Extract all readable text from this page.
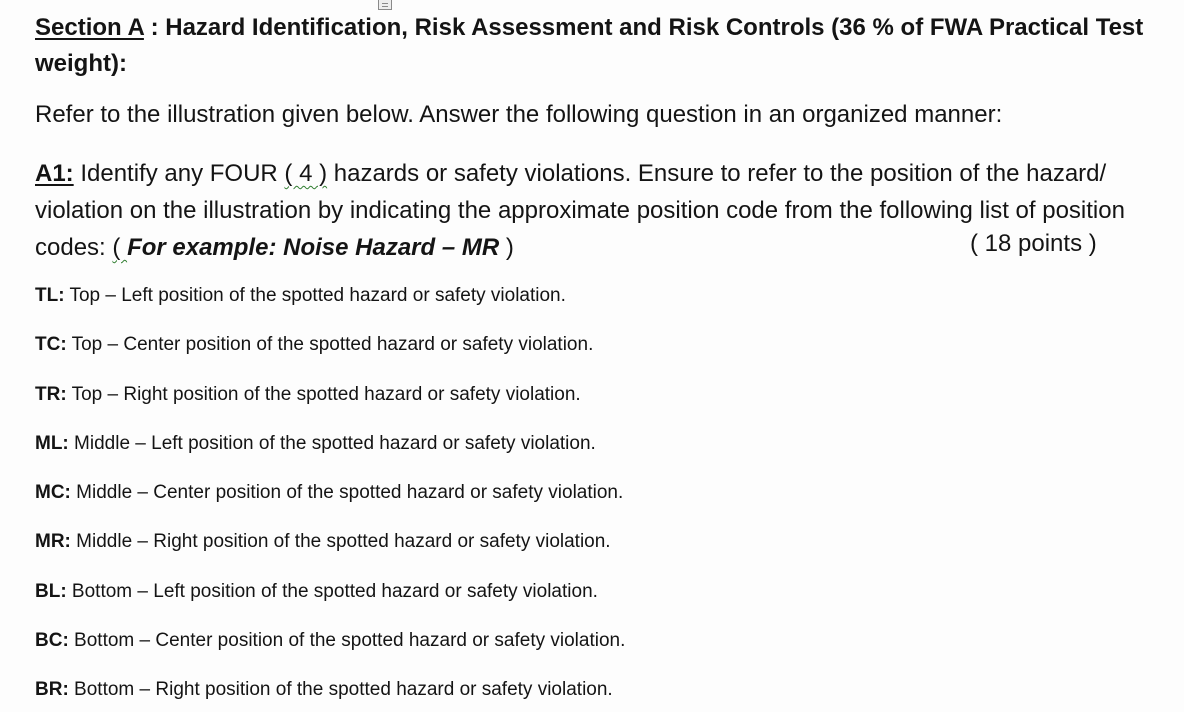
Section A : Hazard Identification, Risk Assessment and Risk Controls (36 % of FWA Practical Test weight):
Refer to the illustration given below. Answer the following question in an organized manner:
A1: Identify any FOUR ( 4 ) hazards or safety violations. Ensure to refer to the position of the hazard/ violation on the illustration by indicating the approximate position code from the following list of position codes: ( For example: Noise Hazard – MR )	( 18 points )
TL: Top – Left position of the spotted hazard or safety violation.
TC: Top – Center position of the spotted hazard or safety violation.
TR: Top – Right position of the spotted hazard or safety violation.
ML: Middle – Left position of the spotted hazard or safety violation.
MC: Middle – Center position of the spotted hazard or safety violation.
MR: Middle – Right position of the spotted hazard or safety violation.
BL: Bottom – Left position of the spotted hazard or safety violation.
BC: Bottom – Center position of the spotted hazard or safety violation.
BR: Bottom – Right position of the spotted hazard or safety violation.
